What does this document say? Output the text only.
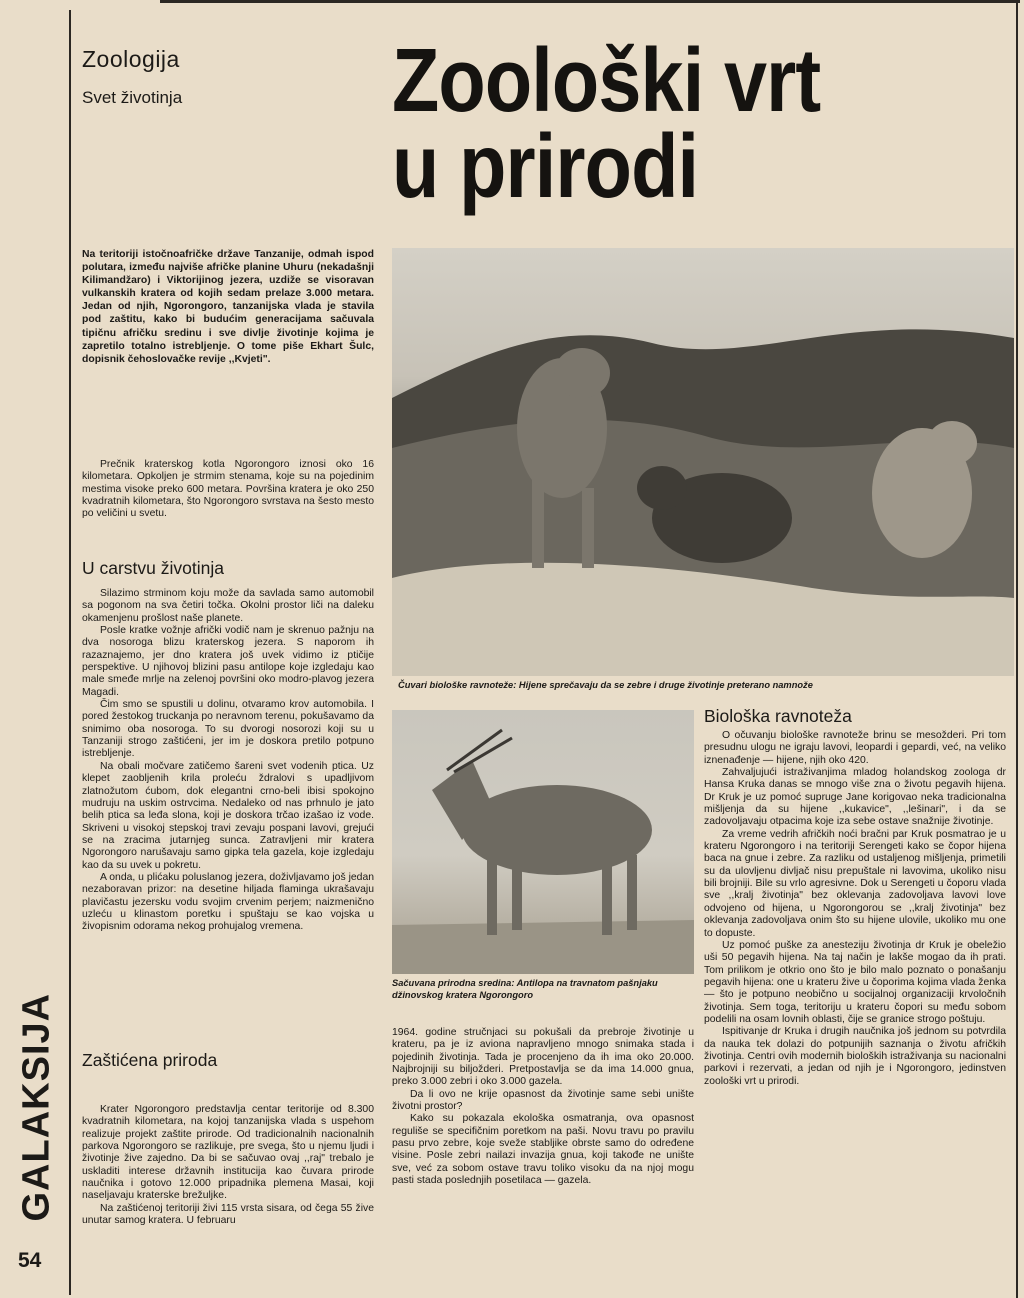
Zoologija
Svet životinja Zoološki vrt
u prirodi
Na teritoriji istočnoafričke države Tanzanije, odmah ispod polutara, između najviše afričke planine Uhuru (nekadašnji Kilimandžaro) i Viktorijinog jezera, uzdiže se visoravan vulkanskih kratera od kojih sedam prelaze 3.000 metara. Jedan od njih, Ngorongoro, tanzanijska vlada je stavila pod zaštitu, kako bi budućim generacijama sačuvala tipičnu afričku sredinu i sve divlje životinje kojima je zapretilo totalno istrebljenje. O tome piše Ekhart Šulc, dopisnik čehoslovačke revije ,,Kvjeti".

Prečnik kraterskog kotla Ngorongoro iznosi oko 16 kilometara. Opkoljen je strmim stenama, koje su na pojedinim mestima visoke preko 600 metara. Površina kratera je oko 250 kvadratnih kilometara, što Ngorongoro svrstava na šesto mesto po veličini u svetu.

U carstvu životinja

Silazimo strminom koju može da savlada samo automobil sa pogonom na sva četiri točka. Okolni prostor liči na daleku okamenjenu prošlost naše planete.

Posle kratke vožnje afrički vodič nam je skrenuo pažnju na dva nosoroga blizu kraterskog jezera. S naporom ih razaznajemo, jer dno kratera još uvek vidimo iz ptičije perspektive. U njihovoj blizini pasu antilope koje izgledaju kao male smeđe mrlje na zelenoj površini oko modro-plavog jezera Magadi.

Čim smo se spustili u dolinu, otvaramo krov automobila. I pored žestokog truckanja po neravnom terenu, pokušavamo da snimimo oba nosoroga. To su dvorogi nosorozi koji su u Tanzaniji strogo zaštićeni, jer im je doskora pretilo potpuno istrebljenje.

Na obali močvare zatičemo šareni svet vodenih ptica. Uz klepet zaobljenih krila proleću ždralovi s upadljivom zlatnožutom ćubom, dok elegantni crno-beli ibisi spokojno mudruju na uskim ostrvcima. Nedaleko od nas prhnulo je jato belih ptica sa leđa slona, koji je doskora trčao izašao iz vode. Skriveni u visokoj stepskoj travi zevaju pospani lavovi, grejući se na zracima jutarnjeg sunca. Zatravljeni mir kratera Ngorongoro narušavaju samo gipka tela gazela, koje izgledaju kao da su uvek u pokretu.

A onda, u plićaku poluslanog jezera, doživljavamo još jedan nezaboravan prizor: na desetine hiljada flaminga ukrašavaju plavičastu jezersku vodu svojim crvenim perjem; naizmenično uzleću u klinastom poretku i spuštaju se kao vojska u živopisnim odorama nekog prohujalog vremena.

Zaštićena priroda

Krater Ngorongoro predstavlja centar teritorije od 8.300 kvadratnih kilometara, na kojoj tanzanijska vlada s uspehom realizuje projekt zaštite prirode. Od tradicionalnih nacionalnih parkova Ngorongoro se razlikuje, pre svega, što u njemu ljudi i životinje žive zajedno. Da bi se sačuvao ovaj ,,raj" trebalo je uskladiti interese državnih institucija kao čuvara prirode naučnika i gotovo 12.000 pripadnika plemena Masai, koji naseljavaju kraterske brežuljke.

Na zaštićenoj teritoriji živi 115 vrsta sisara, od čega 55 žive unutar samog kratera. U februaru

Čuvari biološke ravnoteže: Hijene sprečavaju da se zebre i druge životinje preterano namnože
Sačuvana prirodna sredina: Antilopa na travnatom pašnjaku džinovskog kratera Ngorongoro

1964. godine stručnjaci su pokušali da prebroje životinje u krateru, pa je iz aviona napravljeno mnogo snimaka stada i pojedinih životinja. Tada je procenjeno da ih ima oko 20.000. Najbrojniji su biljožderi. Pretpostavlja se da ima 14.000 gnua, preko 3.000 zebri i oko 3.000 gazela.

Da li ovo ne krije opasnost da životinje same sebi unište životni prostor?

Kako su pokazala ekološka osmatranja, ova opasnost reguliše se specifičnim poretkom na paši. Novu travu po pravilu pasu prvo zebre, koje sveže stabljike obrste samo do određene visine. Posle zebri nailazi invazija gnua, koji takođe ne unište sve, već za sobom ostave travu toliko visoku da na njoj mogu pasti stada poslednjih posetilaca — gazela.

Biološka ravnoteža

O očuvanju biološke ravnoteže brinu se mesožderi. Pri tom presudnu ulogu ne igraju lavovi, leopardi i gepardi, već, na veliko iznenađenje — hijene, njih oko 420.

Zahvaljujući istraživanjima mladog holandskog zoologa dr Hansa Kruka danas se mnogo više zna o životu pegavih hijena. Dr Kruk je uz pomoć supruge Jane korigovao neka tradicionalna mišljenja da su hijene ,,kukavice", ,,lešinari", i da se zadovoljavaju otpacima koje iza sebe ostave snažnije životinje.

Za vreme vedrih afričkih noći bračni par Kruk posmatrao je u krateru Ngorongoro i na teritoriji Serengeti kako se čopor hijena baca na gnue i zebre. Za razliku od ustaljenog mišljenja, primetili su da ulovljenu divljač nisu prepuštale ni lavovima, ukoliko nisu bili brojniji. Bile su vrlo agresivne. Dok u Serengeti u čoporu vlada sve ,,kralj životinja" bez oklevanja zadovoljava lavovi love odvojeno od hijena, u Ngorongorou se ,,kralj životinja" bez oklevanja zadovoljava onim što su hijene ulovile, ukoliko mu one to dopuste.

Uz pomoć puške za anesteziju životinja dr Kruk je obeležio uši 50 pegavih hijena. Na taj način je lakše mogao da ih prati. Tom prilikom je otkrio ono što je bilo malo poznato o ponašanju pegavih hijena: one u krateru žive u čoporima kojima vlada ženka — što je potpuno neobično u socijalnoj organizaciji krvoločnih životinja. Sem toga, teritoriju u krateru čopori su među sobom podelili na osam lovnih oblasti, čije se granice strogo poštuju.

Ispitivanje dr Kruka i drugih naučnika još jednom su potvrdila da nauka tek dolazi do potpunijih saznanja o životu afričkih životinja. Centri ovih modernih bioloških istraživanja su nacionalni parkovi i rezervati, a jedan od njih je i Ngorongoro, jedinstven zoološki vrt u prirodi.

GALAKSIJA
54
